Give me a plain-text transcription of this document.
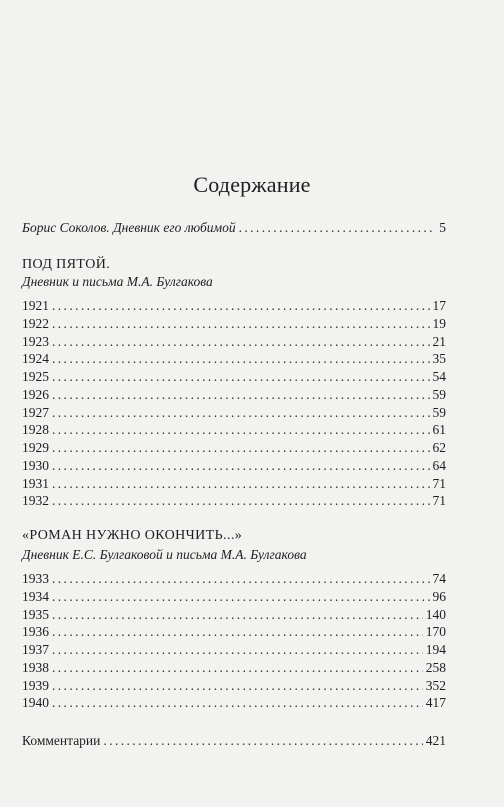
Содержание
Борис Соколов. Дневник его любимой .....	5
ПОД ПЯТОЙ.
Дневник и письма М.А. Булгакова
1921 .....	17
1922 .....	19
1923 .....	21
1924 .....	35
1925 .....	54
1926 .....	59
1927 .....	59
1928 .....	61
1929 .....	62
1930 .....	64
1931 .....	71
1932 .....	71
«РОМАН НУЖНО ОКОНЧИТЬ...»
Дневник Е.С. Булгаковой и письма М.А. Булгакова
1933 .....	74
1934 .....	96
1935 .....	140
1936 .....	170
1937 .....	194
1938 .....	258
1939 .....	352
1940 .....	417
Комментарии .....	421
